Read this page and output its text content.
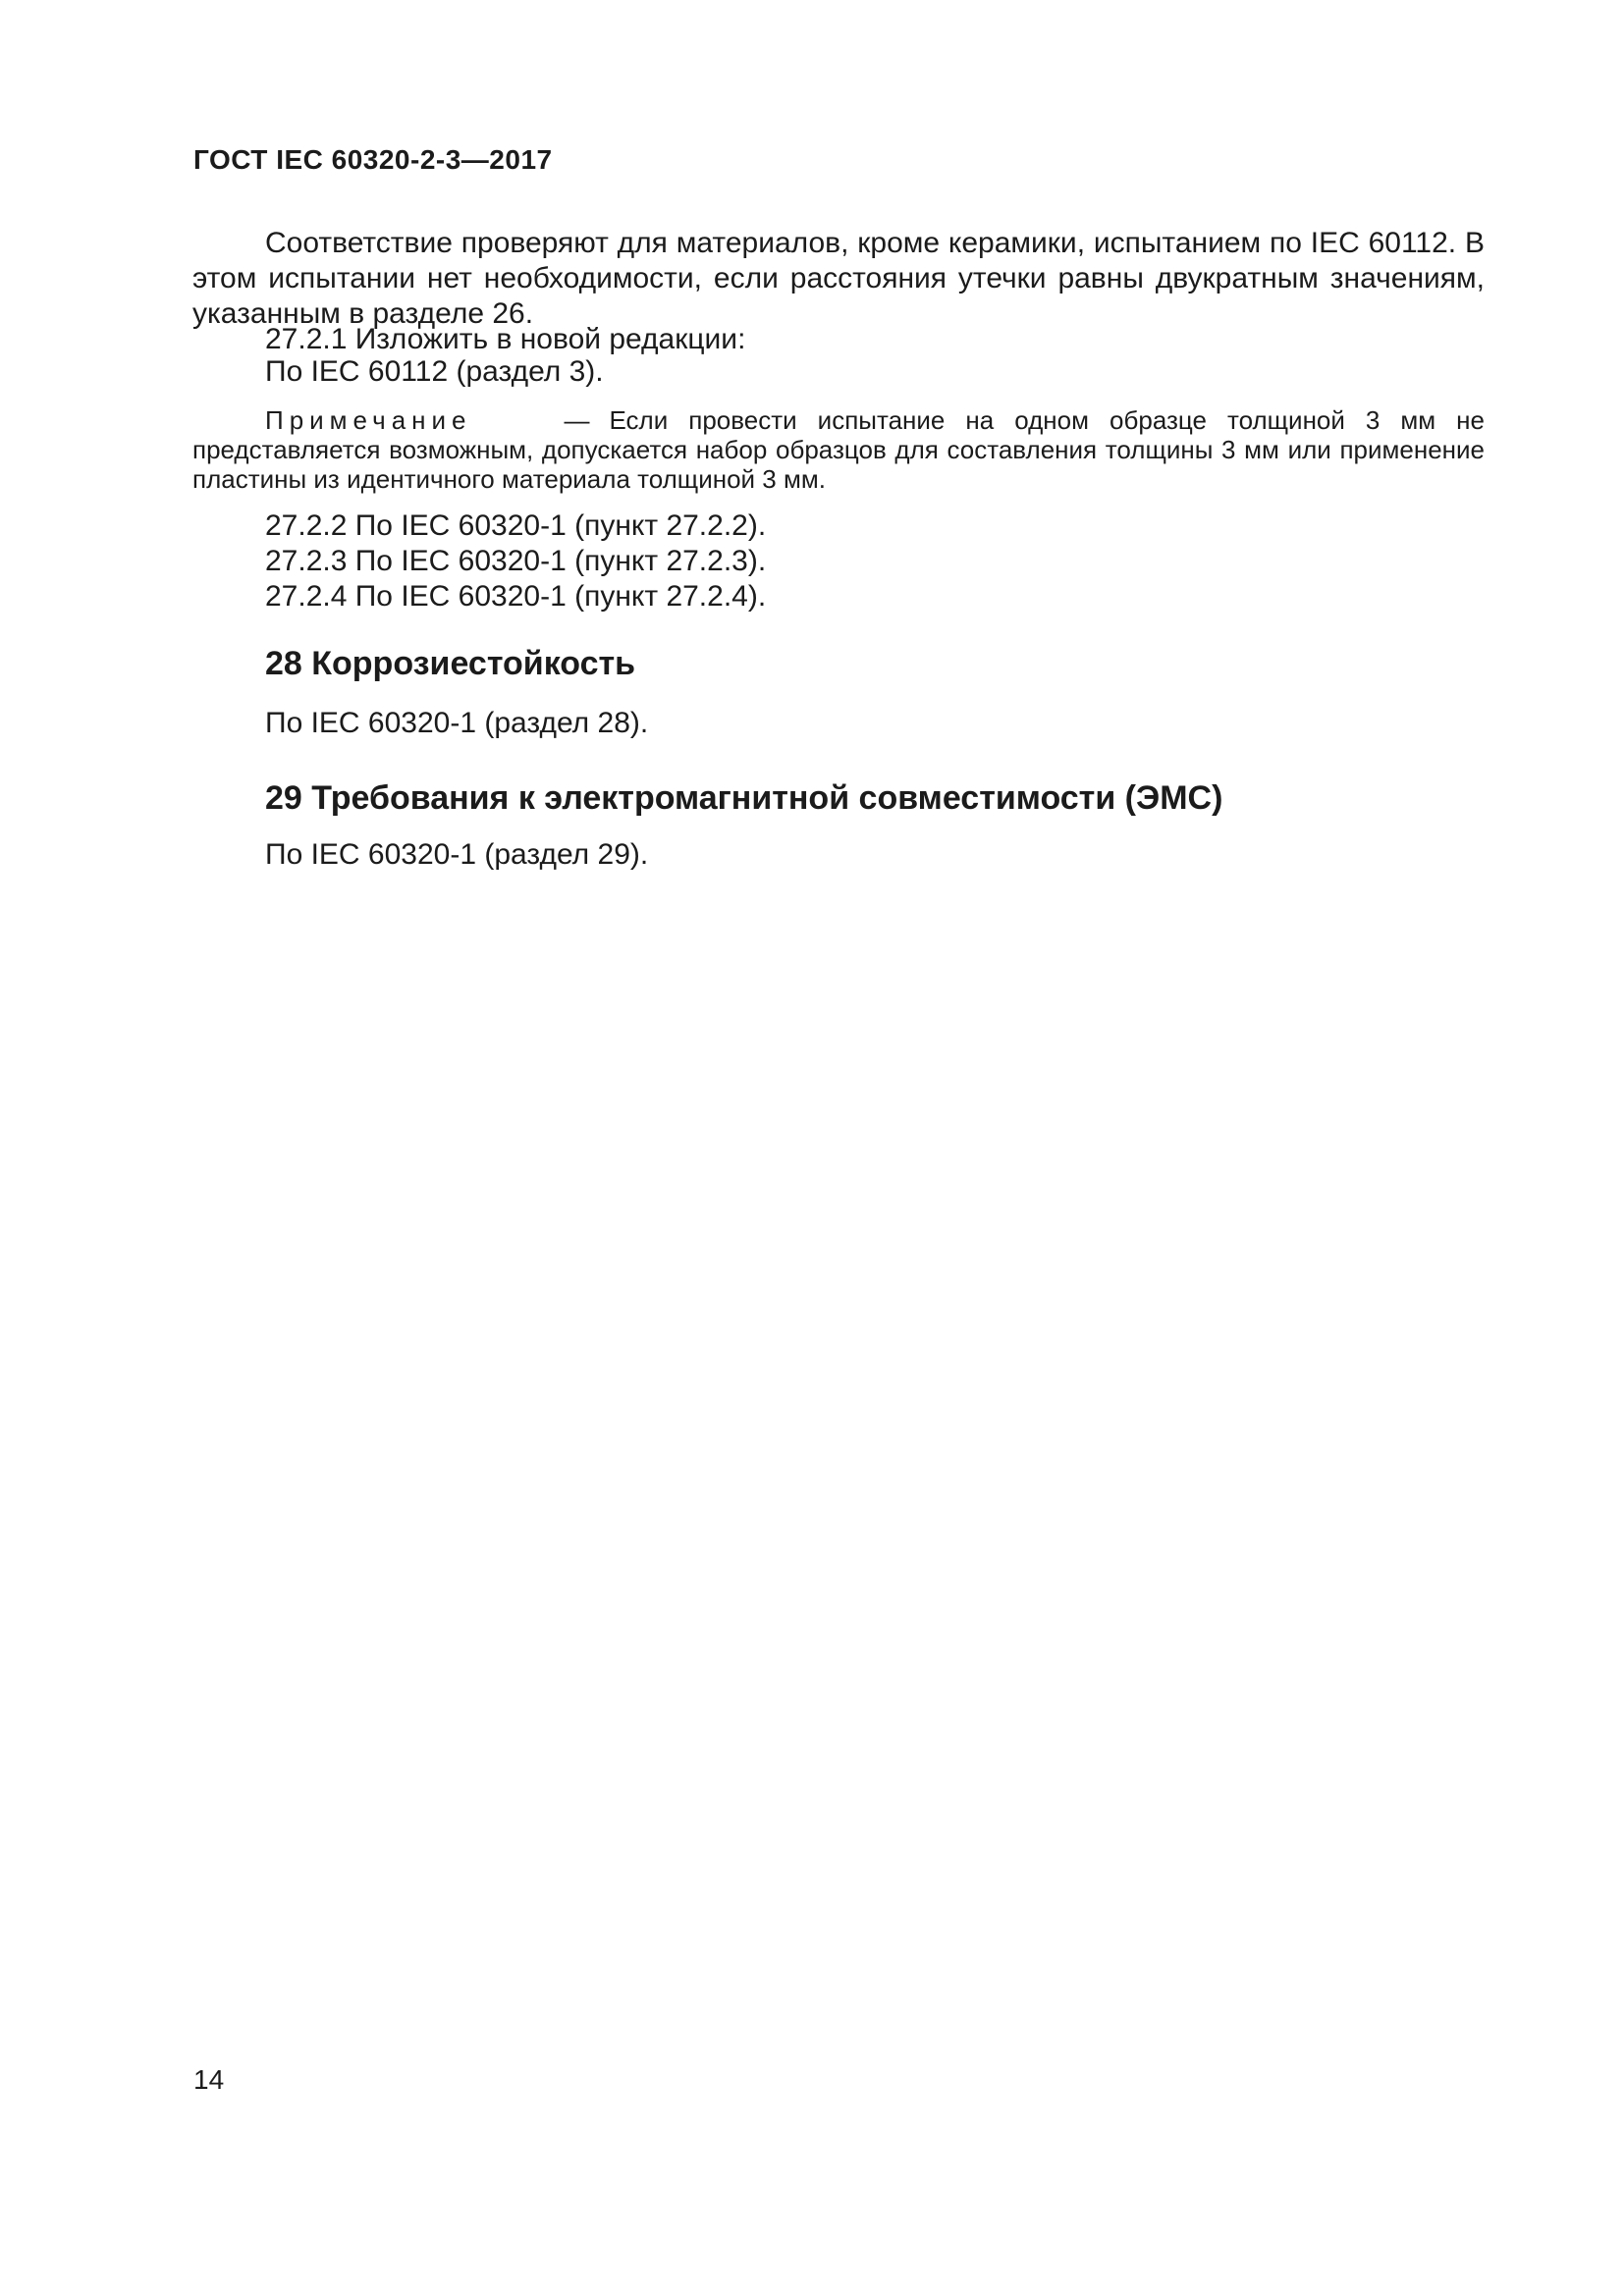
ГОСТ IEC 60320-2-3—2017

Соответствие проверяют для материалов, кроме керамики, испытанием по IEC 60112. В этом испытании нет необходимости, если расстояния утечки равны двукратным значениям, указанным в разделе 26.

27.2.1 Изложить в новой редакции:

По IEC 60112 (раздел 3).

Примечание	— Если провести испытание на одном образце толщиной 3 мм не представляется возможным, допускается набор образцов для составления толщины 3 мм или применение пластины из идентичного материала толщиной 3 мм.

27.2.2 По IEC 60320-1 (пункт 27.2.2).

27.2.3 По IEC 60320-1 (пункт 27.2.3).

27.2.4 По IEC 60320-1 (пункт 27.2.4).

28 Коррозиестойкость

По IEC 60320-1 (раздел 28).

29 Требования к электромагнитной совместимости (ЭМС)

По IEC 60320-1 (раздел 29).

14
